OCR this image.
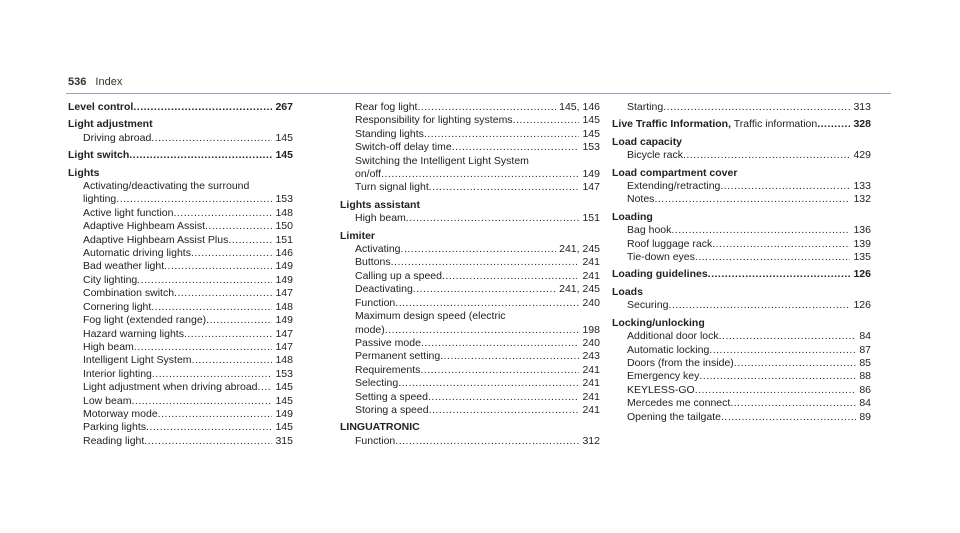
536 Index
Level control .....	267
Light adjustment
Driving abroad .....	145
Light switch .....	145
Lights
Activating/deactivating the surround
lighting .....	153
Active light function .....	148
Adaptive Highbeam Assist .....	150
Adaptive Highbeam Assist Plus .....	151
Automatic driving lights .....	146
Bad weather light .....	149
City lighting .....	149
Combination switch .....	147
Cornering light .....	148
Fog light (extended range) .....	149
Hazard warning lights .....	147
High beam .....	147
Intelligent Light System .....	148
Interior lighting .....	153
Light adjustment when driving abroad ..... 145
Low beam .....	145
Motorway mode .....	149
Parking lights .....	145
Reading light .....	315
Rear fog light .....	145, 146
Responsibility for lighting systems .....	145
Standing lights .....	145
Switch-off delay time .....	153
Switching the Intelligent Light System
on/off .....	149
Turn signal light .....	147
Lights assistant
High beam .....	151
Limiter
Activating .....	241, 245
Buttons .....	241
Calling up a speed .....	241
Deactivating .....	241, 245
Function .....	240
Maximum design speed (electric
mode) .....	198
Passive mode .....	240
Permanent setting .....	243
Requirements .....	241
Selecting .....	241
Setting a speed .....	241
Storing a speed .....	241
LINGUATRONIC
Function .....	312
Starting .....	313
Live Traffic Information, Traffic information .....	328
Load capacity
Bicycle rack .....	429
Load compartment cover
Extending/retracting .....	133
Notes .....	132
Loading
Bag hook .....	136
Roof luggage rack .....	139
Tie-down eyes .....	135
Loading guidelines .....	126
Loads
Securing .....	126
Locking/unlocking
Additional door lock .....	84
Automatic locking .....	87
Doors (from the inside) .....	85
Emergency key .....	88
KEYLESS-GO .....	86
Mercedes me connect .....	84
Opening the tailgate .....	89
